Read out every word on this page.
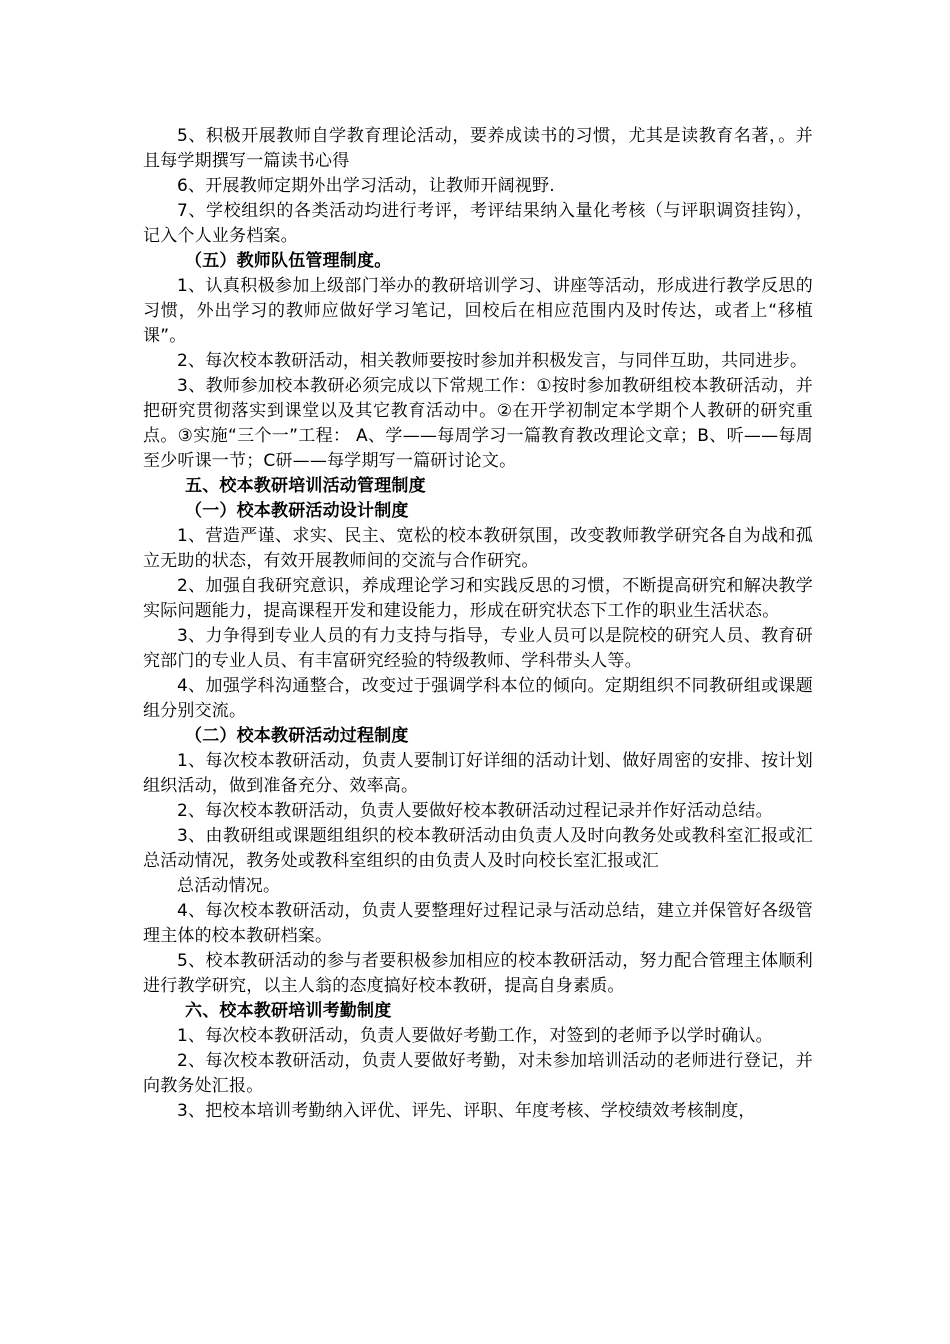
5、积极开展教师自学教育理论活动，要养成读书的习惯，尤其是读教育名著，。并且每学期撰写一篇读书心得

6、开展教师定期外出学习活动，让教师开阔视野.

7、学校组织的各类活动均进行考评，考评结果纳入量化考核（与评职调资挂钩），记入个人业务档案。

（五）教师队伍管理制度。

1、认真积极参加上级部门举办的教研培训学习、讲座等活动，形成进行教学反思的习惯，外出学习的教师应做好学习笔记，回校后在相应范围内及时传达，或者上“移植课”。

2、每次校本教研活动，相关教师要按时参加并积极发言，与同伴互助，共同进步。

3、教师参加校本教研必须完成以下常规工作：①按时参加教研组校本教研活动，并把研究贯彻落实到课堂以及其它教育活动中。②在开学初制定本学期个人教研的研究重点。③实施“三个一”工程： A、学——每周学习一篇教育教改理论文章；B、听——每周至少听课一节；C研——每学期写一篇研讨论文。

五、校本教研培训活动管理制度

（一）校本教研活动设计制度

1、营造严谨、求实、民主、宽松的校本教研氛围，改变教师教学研究各自为战和孤立无助的状态，有效开展教师间的交流与合作研究。

2、加强自我研究意识，养成理论学习和实践反思的习惯，不断提高研究和解决教学实际问题能力，提高课程开发和建设能力，形成在研究状态下工作的职业生活状态。

3、力争得到专业人员的有力支持与指导，专业人员可以是院校的研究人员、教育研究部门的专业人员、有丰富研究经验的特级教师、学科带头人等。

4、加强学科沟通整合，改变过于强调学科本位的倾向。定期组织不同教研组或课题组分别交流。

（二）校本教研活动过程制度

1、每次校本教研活动，负责人要制订好详细的活动计划、做好周密的安排、按计划组织活动，做到准备充分、效率高。

2、每次校本教研活动，负责人要做好校本教研活动过程记录并作好活动总结。

3、由教研组或课题组组织的校本教研活动由负责人及时向教务处或教科室汇报或汇总活动情况，教务处或教科室组织的由负责人及时向校长室汇报或汇

总活动情况。

4、每次校本教研活动，负责人要整理好过程记录与活动总结，建立并保管好各级管理主体的校本教研档案。

5、校本教研活动的参与者要积极参加相应的校本教研活动，努力配合管理主体顺利进行教学研究，以主人翁的态度搞好校本教研，提高自身素质。

六、校本教研培训考勤制度

1、每次校本教研活动，负责人要做好考勤工作，对签到的老师予以学时确认。

2、每次校本教研活动，负责人要做好考勤，对未参加培训活动的老师进行登记，并向教务处汇报。

3、把校本培训考勤纳入评优、评先、评职、年度考核、学校绩效考核制度，
